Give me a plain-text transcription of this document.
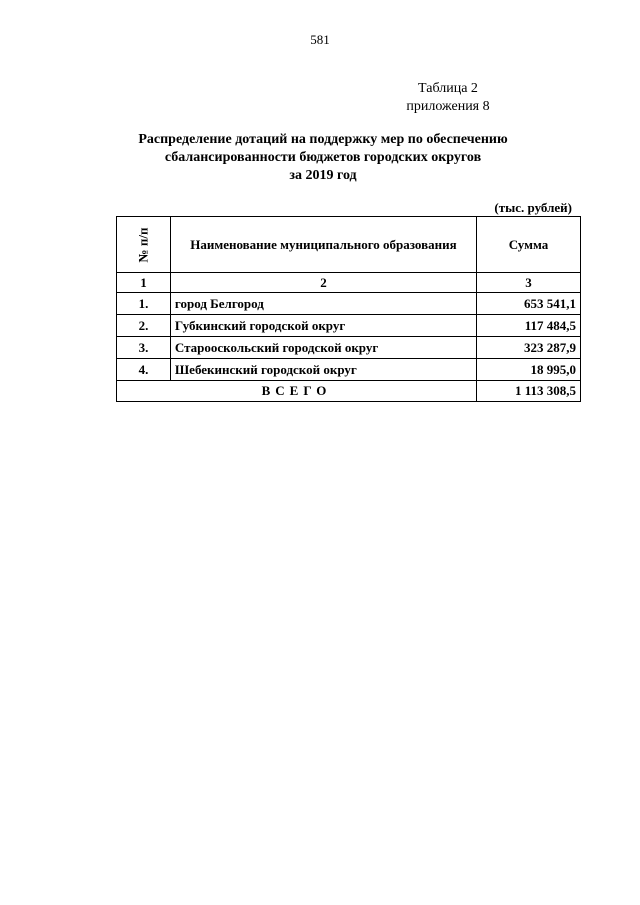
581
Таблица 2
приложения 8
Распределение дотаций на поддержку мер по обеспечению
сбалансированности бюджетов городских округов
за 2019 год
(тыс. рублей)
№ п/п	Наименование муниципального образования	Сумма
1	2	3
1.	город Белгород	653 541,1
2.	Губкинский городской округ	117 484,5
3.	Старооскольский городской округ	323 287,9
4.	Шебекинский городской округ	18 995,0
ВСЕГО		1 113 308,5
